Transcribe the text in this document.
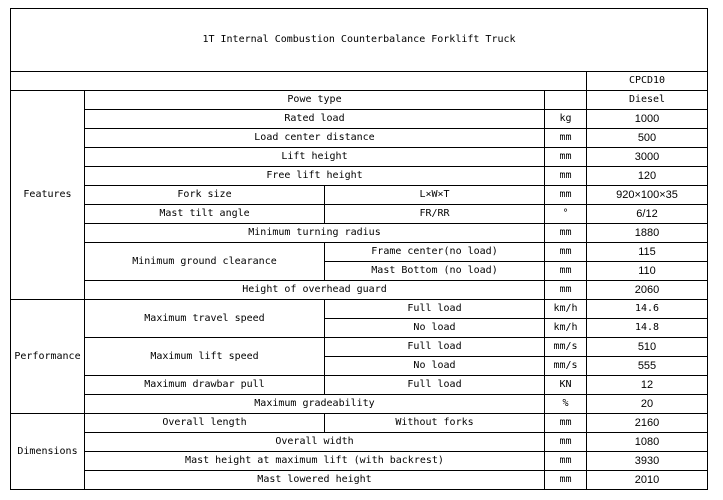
1T Internal Combustion Counterbalance Forklift Truck				
				CPCD10
Features	Powe type			Diesel
	Rated load		kg	1000
	Load center distance		mm	500
	Lift height		mm	3000
	Free lift height		mm	120
	Fork size	L×W×T	mm	920×100×35
	Mast tilt angle	FR/RR	°	6/12
	Minimum turning radius		mm	1880
	Minimum ground clearance	Frame center(no load)	mm	115
		Mast Bottom (no load)	mm	110
	Height of overhead guard		mm	2060
Performance	Maximum travel speed	Full load	km/h	14.6
		No load	km/h	14.8
	Maximum lift speed	Full load	mm/s	510
		No load	mm/s	555
	Maximum drawbar pull	Full load	KN	12
	Maximum gradeability		%	20
Dimensions	Overall length	Without forks	mm	2160
	Overall width		mm	1080
	Mast height at maximum lift (with backrest)		mm	3930
	Mast lowered height		mm	2010
